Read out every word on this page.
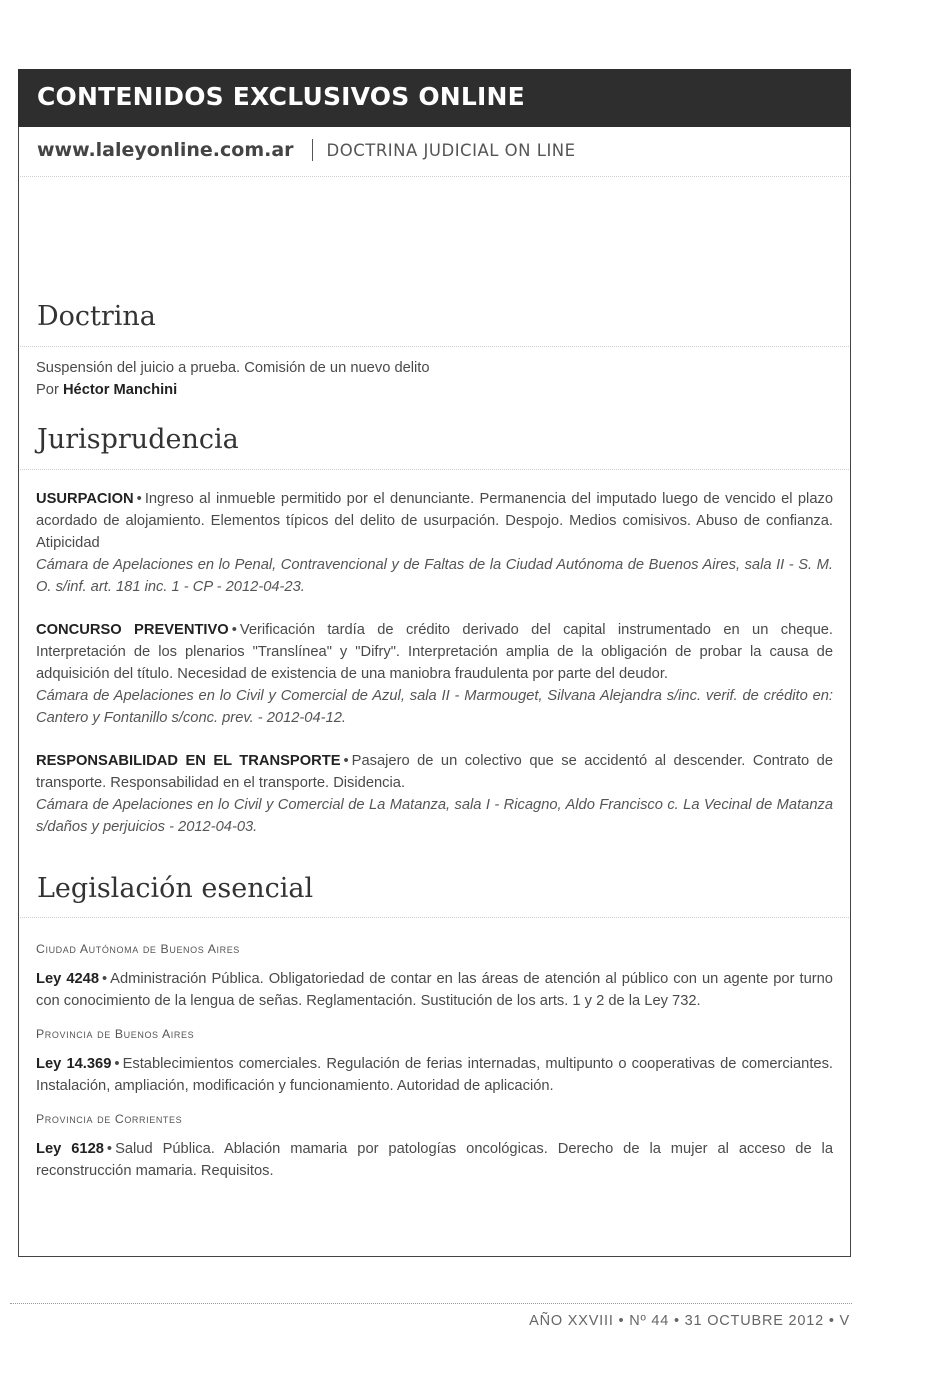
CONTENIDOS EXCLUSIVOS ONLINE
www.laleyonline.com.ar DOCTRINA JUDICIAL ON LINE
Doctrina
Suspensión del juicio a prueba. Comisión de un nuevo delito
Por Héctor Manchini
Jurisprudencia

USURPACION • Ingreso al inmueble permitido por el denunciante. Permanencia del imputado luego de vencido el plazo acordado de alojamiento. Elementos típicos del delito de usurpación. Despojo. Medios comisivos. Abuso de confianza. Atipicidad
Cámara de Apelaciones en lo Penal, Contravencional y de Faltas de la Ciudad Autónoma de Buenos Aires, sala II - S. M. O. s/inf. art. 181 inc. 1 - CP - 2012-04-23.

CONCURSO PREVENTIVO • Verificación tardía de crédito derivado del capital instrumentado en un cheque. Interpretación de los plenarios "Translínea" y "Difry". Interpretación amplia de la obligación de probar la causa de adquisición del título. Necesidad de existencia de una maniobra fraudulenta por parte del deudor.
Cámara de Apelaciones en lo Civil y Comercial de Azul, sala II - Marmouget, Silvana Alejandra s/inc. verif. de crédito en: Cantero y Fontanillo s/conc. prev. - 2012-04-12.

RESPONSABILIDAD EN EL TRANSPORTE • Pasajero de un colectivo que se accidentó al descender. Contrato de transporte. Responsabilidad en el transporte. Disidencia.
Cámara de Apelaciones en lo Civil y Comercial de La Matanza, sala I - Ricagno, Aldo Francisco c. La Vecinal de Matanza s/daños y perjuicios - 2012-04-03.

Legislación esencial
Ciudad Autónoma de Buenos Aires

Ley 4248 • Administración Pública. Obligatoriedad de contar en las áreas de atención al público con un agente por turno con conocimiento de la lengua de señas. Reglamentación. Sustitución de los arts. 1 y 2 de la Ley 732.

Provincia de Buenos Aires

Ley 14.369 • Establecimientos comerciales. Regulación de ferias internadas, multipunto o cooperativas de comerciantes. Instalación, ampliación, modificación y funcionamiento. Autoridad de aplicación.

Provincia de Corrientes

Ley 6128 • Salud Pública. Ablación mamaria por patologías oncológicas. Derecho de la mujer al acceso de la reconstrucción mamaria. Requisitos.

AÑO XXVIII • Nº 44 • 31 OCTUBRE 2012 • V
